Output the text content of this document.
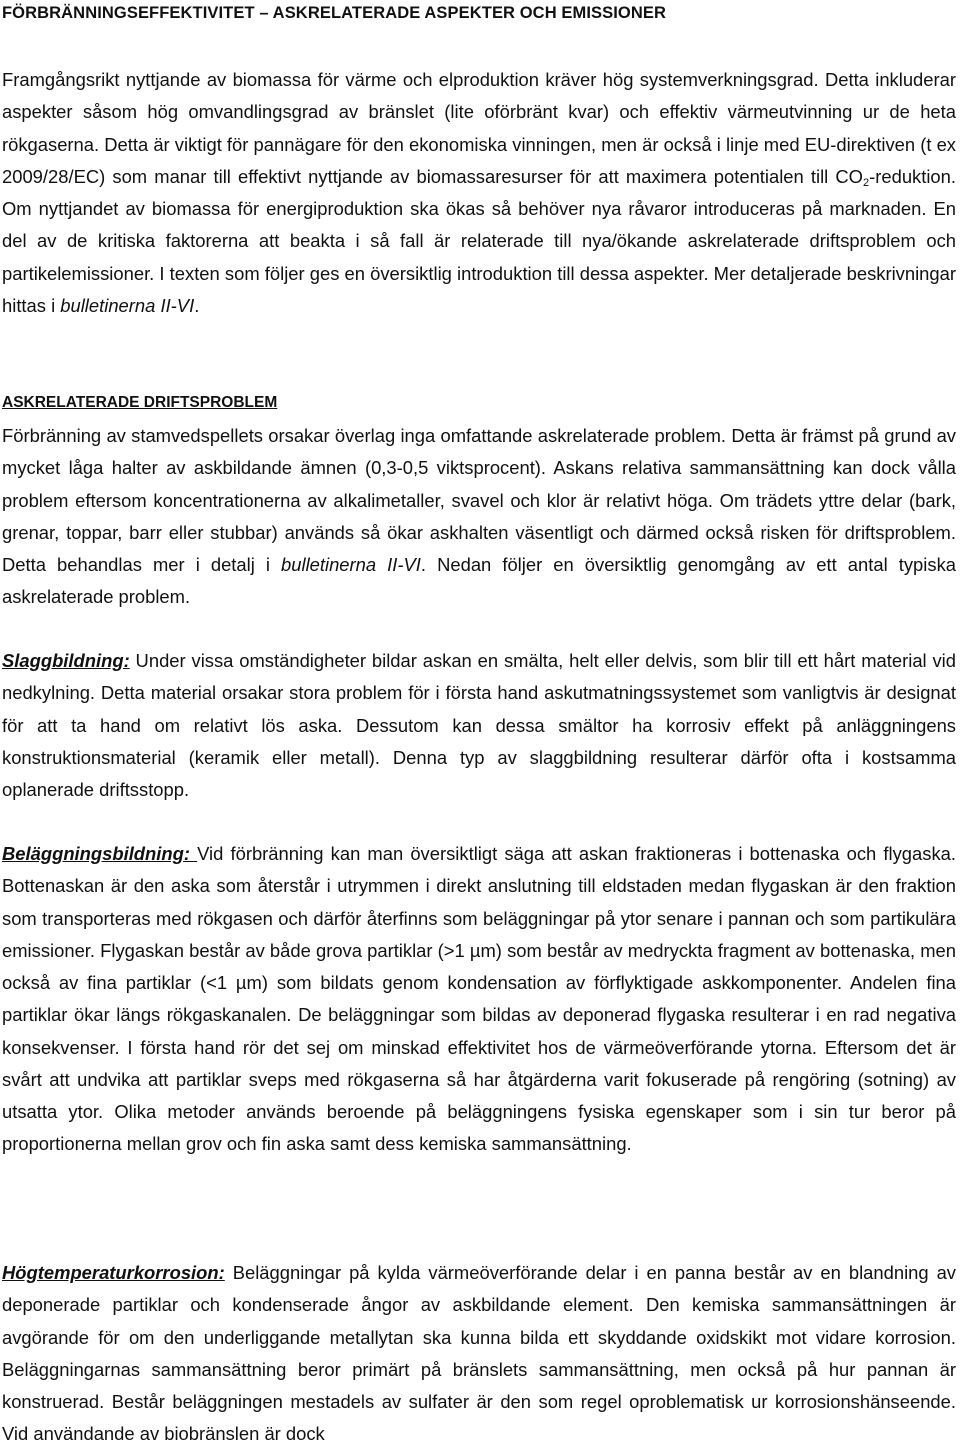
FÖRBRÄNNINGSEFFEKTIVITET – ASKRELATERADE ASPEKTER OCH EMISSIONER

Framgångsrikt nyttjande av biomassa för värme och elproduktion kräver hög systemverkningsgrad. Detta inkluderar aspekter såsom hög omvandlingsgrad av bränslet (lite oförbränt kvar) och effektiv värmeutvinning ur de heta rökgaserna. Detta är viktigt för pannägare för den ekonomiska vinningen, men är också i linje med EU-direktiven (t ex 2009/28/EC) som manar till effektivt nyttjande av biomassaresurser för att maximera potentialen till $CO_2$-reduktion. Om nyttjandet av biomassa för energiproduktion ska ökas så behöver nya råvaror introduceras på marknaden. En del av de kritiska faktorerna att beakta i så fall är relaterade till nya/ökande askrelaterade driftsproblem och partikelemissioner. I texten som följer ges en översiktlig introduktion till dessa aspekter. Mer detaljerade beskrivningar hittas i bulletinerna II-VI.

ASKRELATERADE DRIFTSPROBLEM

Förbränning av stamvedspellets orsakar överlag inga omfattande askrelaterade problem. Detta är främst på grund av mycket låga halter av askbildande ämnen (0,3-0,5 viktsprocent). Askans relativa sammansättning kan dock vålla problem eftersom koncentrationerna av alkalimetaller, svavel och klor är relativt höga. Om trädets yttre delar (bark, grenar, toppar, barr eller stubbar) används så ökar askhalten väsentligt och därmed också risken för driftsproblem. Detta behandlas mer i detalj i bulletinerna II-VI. Nedan följer en översiktlig genomgång av ett antal typiska askrelaterade problem.

Slaggbildning: Under vissa omständigheter bildar askan en smälta, helt eller delvis, som blir till ett hårt material vid nedkylning. Detta material orsakar stora problem för i första hand askutmatningssystemet som vanligtvis är designat för att ta hand om relativt lös aska. Dessutom kan dessa smältor ha korrosiv effekt på anläggningens konstruktionsmaterial (keramik eller metall). Denna typ av slaggbildning resulterar därför ofta i kostsamma oplanerade driftsstopp.

Beläggningsbildning: Vid förbränning kan man översiktligt säga att askan fraktioneras i bottenaska och flygaska. Bottenaskan är den aska som återstår i utrymmen i direkt anslutning till eldstaden medan flygaskan är den fraktion som transporteras med rökgasen och därför återfinns som beläggningar på ytor senare i pannan och som partikulära emissioner. Flygaskan består av både grova partiklar (>1 µm) som består av medryckta fragment av bottenaska, men också av fina partiklar (<1 µm) som bildats genom kondensation av förflyktigade askkomponenter. Andelen fina partiklar ökar längs rökgaskanalen. De beläggningar som bildas av deponerad flygaska resulterar i en rad negativa konsekvenser. I första hand rör det sej om minskad effektivitet hos de värmeöverförande ytorna. Eftersom det är svårt att undvika att partiklar sveps med rökgaserna så har åtgärderna varit fokuserade på rengöring (sotning) av utsatta ytor. Olika metoder används beroende på beläggningens fysiska egenskaper som i sin tur beror på proportionerna mellan grov och fin aska samt dess kemiska sammansättning.

Högtemperaturkorrosion: Beläggningar på kylda värmeöverförande delar i en panna består av en blandning av deponerade partiklar och kondenserade ångor av askbildande element. Den kemiska sammansättningen är avgörande för om den underliggande metallytan ska kunna bilda ett skyddande oxidskikt mot vidare korrosion. Beläggningarnas sammansättning beror primärt på bränslets sammansättning, men också på hur pannan är konstruerad. Består beläggningen mestadels av sulfater är den som regel oproblematisk ur korrosionshänseende. Vid användande av biobränslen är dock
